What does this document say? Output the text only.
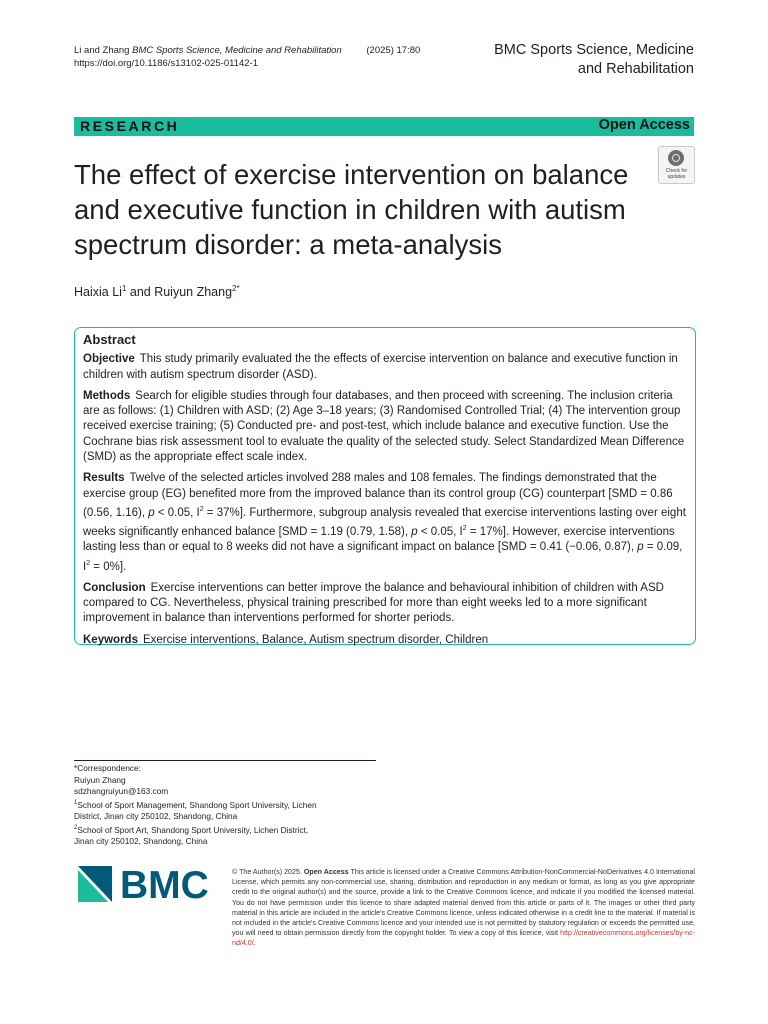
Li and Zhang BMC Sports Science, Medicine and Rehabilitation	(2025) 17:80
https://doi.org/10.1186/s13102-025-01142-1
BMC Sports Science, Medicine
and Rehabilitation
RESEARCH	Open Access
The effect of exercise intervention on balance and executive function in children with autism spectrum disorder: a meta-analysis
Check for
updates
Haixia Li$^1$ and Ruiyun Zhang$^{2*}$
Abstract

Objective This study primarily evaluated the the effects of exercise intervention on balance and executive function in children with autism spectrum disorder (ASD).

Methods Search for eligible studies through four databases, and then proceed with screening. The inclusion criteria are as follows: (1) Children with ASD; (2) Age 3–18 years; (3) Randomised Controlled Trial; (4) The intervention group received exercise training; (5) Conducted pre- and post-test, which include balance and executive function. Use the Cochrane bias risk assessment tool to evaluate the quality of the selected study. Select Standardized Mean Difference (SMD) as the appropriate effect scale index.

Results Twelve of the selected articles involved 288 males and 108 females. The findings demonstrated that the exercise group (EG) benefited more from the improved balance than its control group (CG) counterpart [SMD = 0.86 (0.56, 1.16), p < 0.05, $I^2 = 37\%$]. Furthermore, subgroup analysis revealed that exercise interventions lasting over eight weeks significantly enhanced balance [SMD = 1.19 (0.79, 1.58), p < 0.05, $I^2 = 17\%$]. However, exercise interventions lasting less than or equal to 8 weeks did not have a significant impact on balance [SMD = 0.41 (−0.06, 0.87), p = 0.09, $I^2 = 0\%$].

Conclusion Exercise interventions can better improve the balance and behavioural inhibition of children with ASD compared to CG. Nevertheless, physical training prescribed for more than eight weeks led to a more significant improvement in balance than interventions performed for shorter periods.

Keywords Exercise interventions, Balance, Autism spectrum disorder, Children

*Correspondence:
Ruiyun Zhang
sdzhangruiyun@163.com
$^1$School of Sport Management, Shandong Sport University, Lichen
District, Jinan city 250102, Shandong, China
$^2$School of Sport Art, Shandong Sport University, Lichen District,
Jinan city 250102, Shandong, China
BMC	© The Author(s) 2025. Open Access This article is licensed under a Creative Commons Attribution-NonCommercial-NoDerivatives 4.0 International License, which permits any non-commercial use, sharing, distribution and reproduction in any medium or format, as long as you give appropriate credit to the original author(s) and the source, provide a link to the Creative Commons licence, and indicate if you modified the licensed material. You do not have permission under this licence to share adapted material derived from this article or parts of it. The images or other third party material in this article are included in the article's Creative Commons licence, unless indicated otherwise in a credit line to the material. If material is not included in the article's Creative Commons licence and your intended use is not permitted by statutory regulation or exceeds the permitted use, you will need to obtain permission directly from the copyright holder. To view a copy of this licence, visit http://creativecommons.org/licenses/by-nc-nd/4.0/.
